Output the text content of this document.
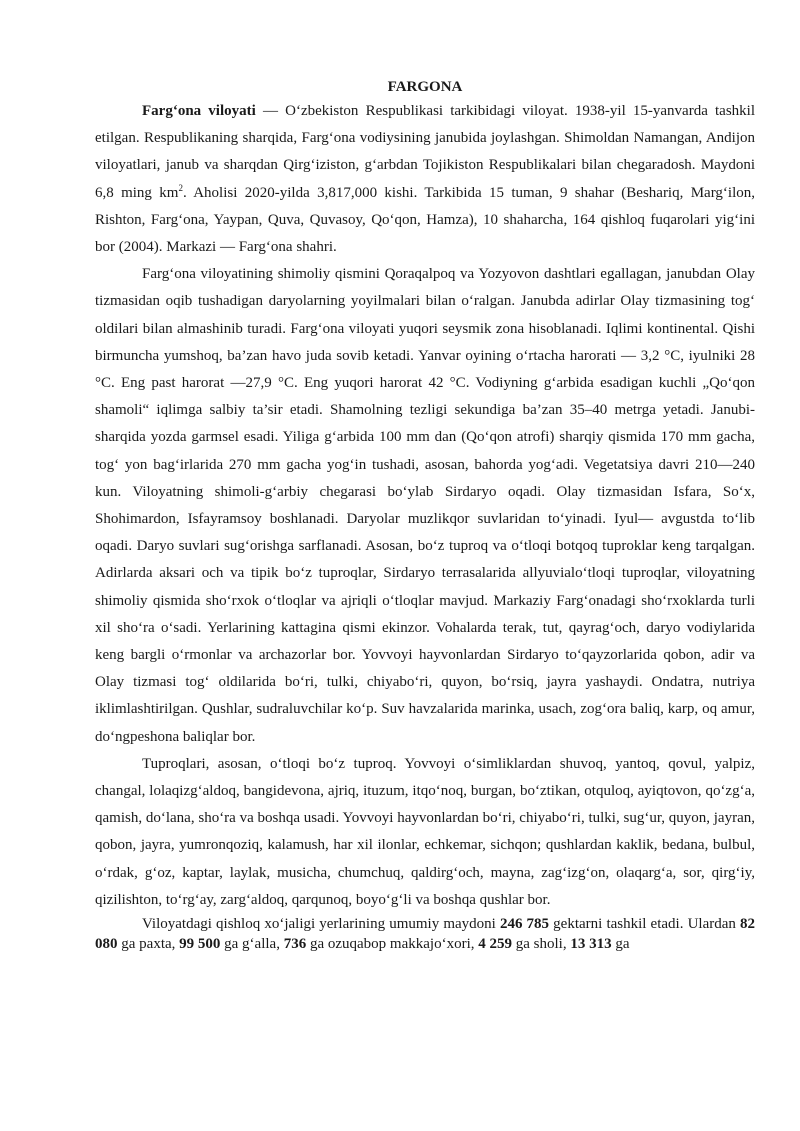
FARGONA

Farg‘ona viloyati — O‘zbekiston Respublikasi tarkibidagi viloyat. 1938-yil 15-yanvarda tashkil etilgan. Respublikaning sharqida, Farg‘ona vodiysining janubida joylashgan. Shimoldan Namangan, Andijon viloyatlari, janub va sharqdan Qirg‘iziston, g‘arbdan Tojikiston Respublikalari bilan chegaradosh. Maydoni 6,8 ming $km^2$. Aholisi 2020-yilda 3,817,000 kishi. Tarkibida 15 tuman, 9 shahar (Beshariq, Marg‘ilon, Rishton, Farg‘ona, Yaypan, Quva, Quvasoy, Qo‘qon, Hamza), 10 shaharcha, 164 qishloq fuqarolari yig‘ini bor (2004). Markazi — Farg‘ona shahri.

Farg‘ona viloyatining shimoliy qismini Qoraqalpoq va Yozyovon dashtlari egallagan, janubdan Olay tizmasidan oqib tushadigan daryolarning yoyilmalari bilan o‘ralgan. Janubda adirlar Olay tizmasining tog‘ oldilari bilan almashinib turadi. Farg‘ona viloyati yuqori seysmik zona hisoblanadi. Iqlimi kontinental. Qishi birmuncha yumshoq, ba’zan havo juda sovib ketadi. Yanvar oyining o‘rtacha harorati — 3,2 °C, iyulniki 28 °C. Eng past harorat —27,9 °C. Eng yuqori harorat 42 °C. Vodiyning g‘arbida esadigan kuchli „Qo‘qon shamoli“ iqlimga salbiy ta’sir etadi. Shamolning tezligi sekundiga ba’zan 35–40 metrga yetadi. Janubi-sharqida yozda garmsel esadi. Yiliga g‘arbida 100 mm dan (Qo‘qon atrofi) sharqiy qismida 170 mm gacha, tog‘ yon bag‘irlarida 270 mm gacha yog‘in tushadi, asosan, bahorda yog‘adi. Vegetatsiya davri 210—240 kun. Viloyatning shimoli-g‘arbiy chegarasi bo‘ylab Sirdaryo oqadi. Olay tizmasidan Isfara, So‘x, Shohimardon, Isfayramsoy boshlanadi. Daryolar muzlikqor suvlaridan to‘yinadi. Iyul— avgustda to‘lib oqadi. Daryo suvlari sug‘orishga sarflanadi. Asosan, bo‘z tuproq va o‘tloqi botqoq tuproklar keng tarqalgan. Adirlarda aksari och va tipik bo‘z tuproqlar, Sirdaryo terrasalarida allyuvialo‘tloqi tuproqlar, viloyatning shimoliy qismida sho‘rxok o‘tloqlar va ajriqli o‘tloqlar mavjud. Markaziy Farg‘onadagi sho‘rxoklarda turli xil sho‘ra o‘sadi. Yerlarining kattagina qismi ekinzor. Vohalarda terak, tut, qayrag‘och, daryo vodiylarida keng bargli o‘rmonlar va archazorlar bor. Yovvoyi hayvonlardan Sirdaryo to‘qayzorlarida qobon, adir va Olay tizmasi tog‘ oldilarida bo‘ri, tulki, chiyabo‘ri, quyon, bo‘rsiq, jayra yashaydi. Ondatra, nutriya iklimlashtirilgan. Qushlar, sudraluvchilar ko‘p. Suv havzalarida marinka, usach, zog‘ora baliq, karp, oq amur, do‘ngpeshona baliqlar bor.

Tuproqlari, asosan, o‘tloqi bo‘z tuproq. Yovvoyi o‘simliklardan shuvoq, yantoq, qovul, yalpiz, changal, lolaqizg‘aldoq, bangidevona, ajriq, ituzum, itqo‘noq, burgan, bo‘ztikan, otquloq, ayiqtovon, qo‘zg‘a, qamish, do‘lana, sho‘ra va boshqa usadi. Yovvoyi hayvonlardan bo‘ri, chiyabo‘ri, tulki, sug‘ur, quyon, jayran, qobon, jayra, yumronqoziq, kalamush, har xil ilonlar, echkemar, sichqon; qushlardan kaklik, bedana, bulbul, o‘rdak, g‘oz, kaptar, laylak, musicha, chumchuq, qaldirg‘och, mayna, zag‘izg‘on, olaqarg‘a, sor, qirg‘iy, qizilishton, to‘rg‘ay, zarg‘aldoq, qarqunoq, boyo‘g‘li va boshqa qushlar bor.

Viloyatdagi qishloq xo‘jaligi yerlarining umumiy maydoni 246 785 gektarni tashkil etadi. Ulardan 82 080 ga paxta, 99 500 ga g‘alla, 736 ga ozuqabop makkajo‘xori, 4 259 ga sholi, 13 313 ga
